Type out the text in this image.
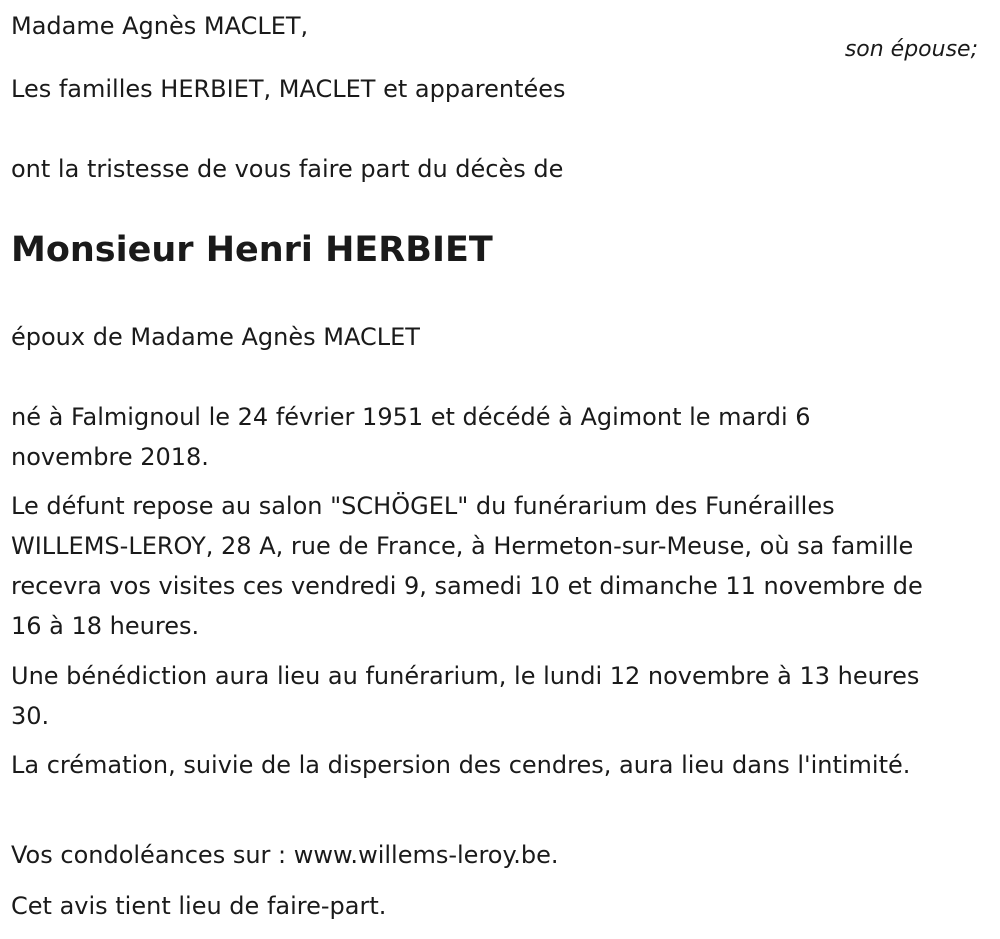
Madame Agnès MACLET,

son épouse;

Les familles HERBIET, MACLET et apparentées

ont la tristesse de vous faire part du décès de

Monsieur Henri HERBIET

époux de Madame Agnès MACLET

né à Falmignoul le 24 février 1951 et décédé à Agimont le mardi 6 novembre 2018.

Le défunt repose au salon "SCHÖGEL" du funérarium des Funérailles WILLEMS-LEROY, 28 A, rue de France, à Hermeton-sur-Meuse, où sa famille recevra vos visites ces vendredi 9, samedi 10 et dimanche 11 novembre de 16 à 18 heures.

Une bénédiction aura lieu au funérarium, le lundi 12 novembre à 13 heures 30.

La crémation, suivie de la dispersion des cendres, aura lieu dans l'intimité.

Vos condoléances sur : www.willems-leroy.be.

Cet avis tient lieu de faire-part.
